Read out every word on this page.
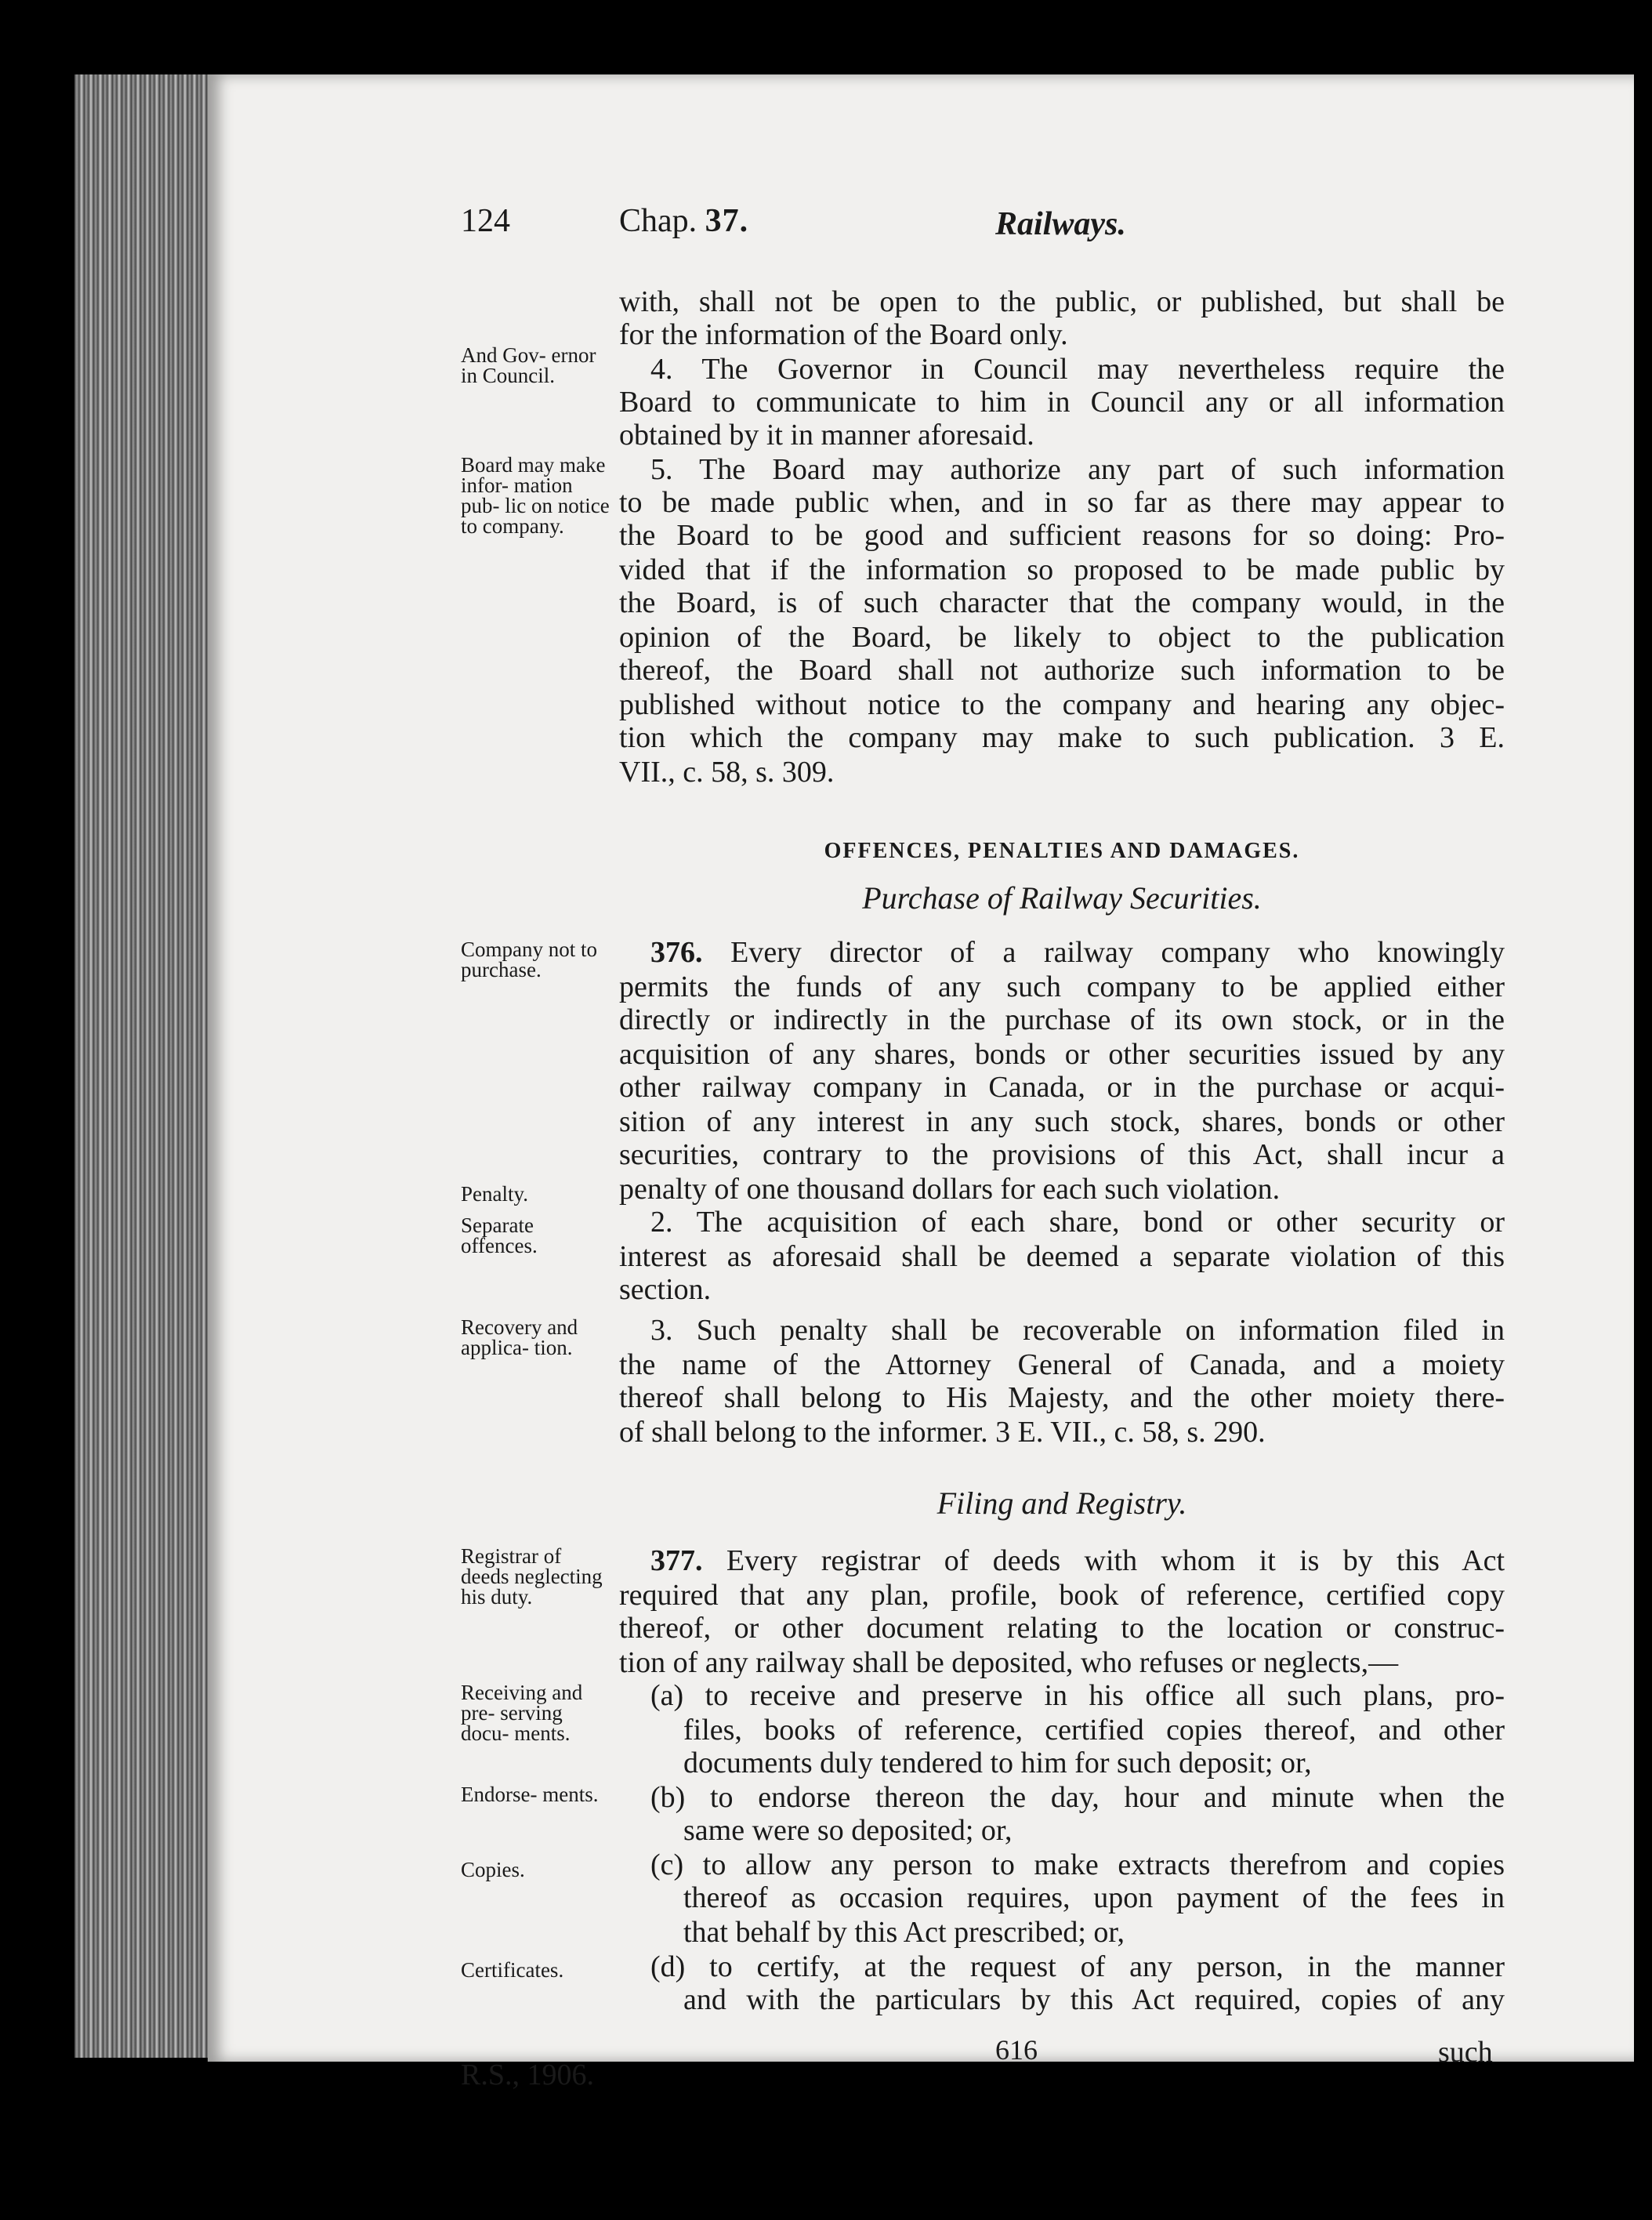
124	Chap. 37.	Railways.
And Gov- ernor in Council.
Board may make infor- mation pub- lic on notice to company.
Company not to purchase.
Penalty.
Separate offences.
Recovery and applica- tion.
Registrar of deeds neglecting his duty.
Receiving and pre- serving docu- ments.
Endorse- ments.
Copies.
Certificates.
with, shall not be open to the public, or published, but shall be
for the information of the Board only.
4. The Governor in Council may nevertheless require the
Board to communicate to him in Council any or all information
obtained by it in manner aforesaid.
5. The Board may authorize any part of such information
to be made public when, and in so far as there may appear to
the Board to be good and sufficient reasons for so doing: Pro-
vided that if the information so proposed to be made public by
the Board, is of such character that the company would, in the
opinion of the Board, be likely to object to the publication
thereof, the Board shall not authorize such information to be
published without notice to the company and hearing any objec-
tion which the company may make to such publication. 3 E.
VII., c. 58, s. 309.
OFFENCES, PENALTIES AND DAMAGES.
Purchase of Railway Securities.
376. Every director of a railway company who knowingly
permits the funds of any such company to be applied either
directly or indirectly in the purchase of its own stock, or in the
acquisition of any shares, bonds or other securities issued by any
other railway company in Canada, or in the purchase or acqui-
sition of any interest in any such stock, shares, bonds or other
securities, contrary to the provisions of this Act, shall incur a
penalty of one thousand dollars for each such violation.
2. The acquisition of each share, bond or other security or
interest as aforesaid shall be deemed a separate violation of this
section.
3. Such penalty shall be recoverable on information filed in
the name of the Attorney General of Canada, and a moiety
thereof shall belong to His Majesty, and the other moiety there-
of shall belong to the informer. 3 E. VII., c. 58, s. 290.
Filing and Registry.
377. Every registrar of deeds with whom it is by this Act
required that any plan, profile, book of reference, certified copy
thereof, or other document relating to the location or construc-
tion of any railway shall be deposited, who refuses or neglects,—
(a) to receive and preserve in his office all such plans, pro-
files, books of reference, certified copies thereof, and other
documents duly tendered to him for such deposit; or,
(b) to endorse thereon the day, hour and minute when the
same were so deposited; or,
(c) to allow any person to make extracts therefrom and copies
thereof as occasion requires, upon payment of the fees in
that behalf by this Act prescribed; or,
(d) to certify, at the request of any person, in the manner
and with the particulars by this Act required, copies of any
616	such
R.S., 1906.
